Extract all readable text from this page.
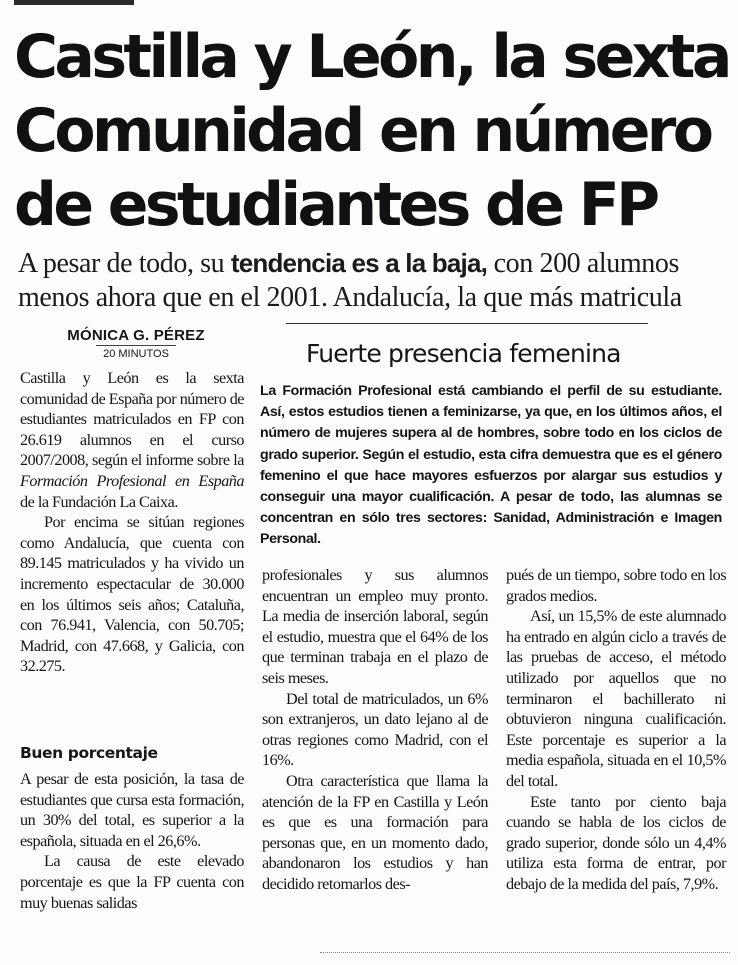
Castilla y León, la sexta Comunidad en número de estudiantes de FP

A pesar de todo, su tendencia es a la baja, con 200 alumnos menos ahora que en el 2001. Andalucía, la que más matricula

MÓNICA G. PÉREZ
20 MINUTOS	Fuerte presencia femenina

La Formación Profesional está cambiando el perfil de su estudiante. Así, estos estudios tienen a feminizarse, ya que, en los últimos años, el número de mujeres supera al de hombres, sobre todo en los ciclos de grado superior. Según el estudio, esta cifra demuestra que es el género femenino el que hace mayores esfuerzos por alargar sus estudios y conseguir una mayor cualificación. A pesar de todo, las alumnas se concentran en sólo tres sectores: Sanidad, Administración e Imagen Personal.

Castilla y León es la sexta comunidad de España por número de estudiantes matriculados en FP con 26.619 alumnos en el curso 2007/2008, según el informe sobre la Formación Profesional en España de la Fundación La Caixa.

Por encima se sitúan regiones como Andalucía, que cuenta con 89.145 matriculados y ha vivido un incremento espectacular de 30.000 en los últimos seis años; Cataluña, con 76.941, Valencia, con 50.705; Madrid, con 47.668, y Galicia, con 32.275.

Buen porcentaje

A pesar de esta posición, la tasa de estudiantes que cursa esta formación, un 30% del total, es superior a la española, situada en el 26,6%.

La causa de este elevado porcentaje es que la FP cuenta con muy buenas salidas

profesionales y sus alumnos encuentran un empleo muy pronto. La media de inserción laboral, según el estudio, muestra que el 64% de los que terminan trabaja en el plazo de seis meses.

Del total de matriculados, un 6% son extranjeros, un dato lejano al de otras regiones como Madrid, con el 16%.

Otra característica que llama la atención de la FP en Castilla y León es que es una formación para personas que, en un momento dado, abandonaron los estudios y han decidido retomarlos des-

pués de un tiempo, sobre todo en los grados medios.

Así, un 15,5% de este alumnado ha entrado en algún ciclo a través de las pruebas de acceso, el método utilizado por aquellos que no terminaron el bachillerato ni obtuvieron ninguna cualificación. Este porcentaje es superior a la media española, situada en el 10,5% del total.

Este tanto por ciento baja cuando se habla de los ciclos de grado superior, donde sólo un 4,4% utiliza esta forma de entrar, por debajo de la medida del país, 7,9%.
